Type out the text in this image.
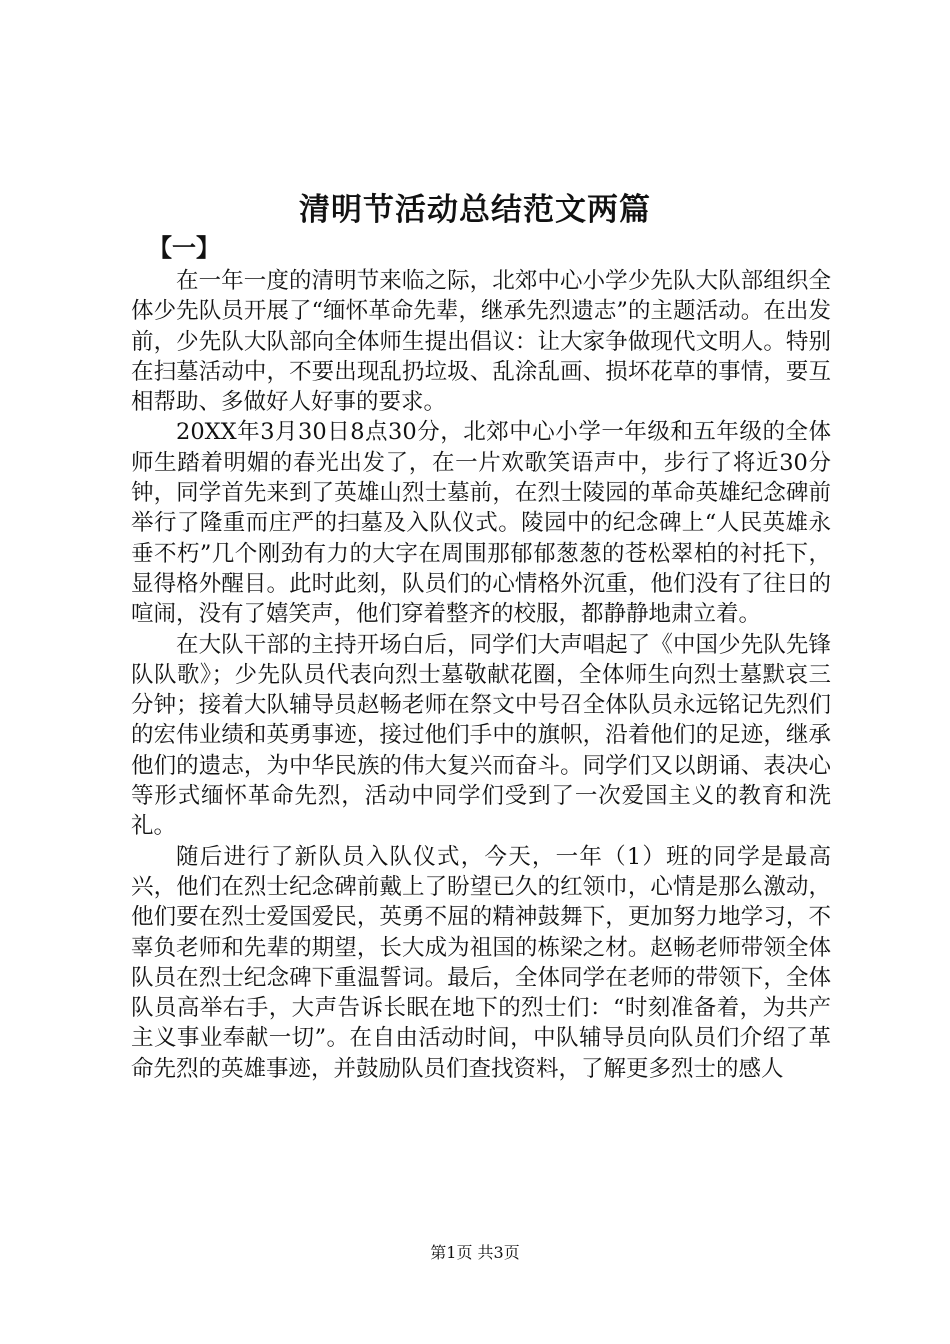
清明节活动总结范文两篇
【一】

在一年一度的清明节来临之际，北郊中心小学少先队大队部组织全体少先队员开展了“缅怀革命先辈，继承先烈遗志”的主题活动。在出发前，少先队大队部向全体师生提出倡议：让大家争做现代文明人。特别在扫墓活动中，不要出现乱扔垃圾、乱涂乱画、损坏花草的事情，要互相帮助、多做好人好事的要求。

20XX年3月30日8点30分，北郊中心小学一年级和五年级的全体师生踏着明媚的春光出发了，在一片欢歌笑语声中，步行了将近30分钟，同学首先来到了英雄山烈士墓前，在烈士陵园的革命英雄纪念碑前举行了隆重而庄严的扫墓及入队仪式。陵园中的纪念碑上“人民英雄永垂不朽”几个刚劲有力的大字在周围那郁郁葱葱的苍松翠柏的衬托下，显得格外醒目。此时此刻，队员们的心情格外沉重，他们没有了往日的喧闹，没有了嬉笑声，他们穿着整齐的校服，都静静地肃立着。

在大队干部的主持开场白后，同学们大声唱起了《中国少先队先锋队队歌》；少先队员代表向烈士墓敬献花圈，全体师生向烈士墓默哀三分钟；接着大队辅导员赵畅老师在祭文中号召全体队员永远铭记先烈们的宏伟业绩和英勇事迹，接过他们手中的旗帜，沿着他们的足迹，继承他们的遗志，为中华民族的伟大复兴而奋斗。同学们又以朗诵、表决心等形式缅怀革命先烈，活动中同学们受到了一次爱国主义的教育和洗礼。

随后进行了新队员入队仪式，今天，一年（1）班的同学是最高兴，他们在烈士纪念碑前戴上了盼望已久的红领巾，心情是那么激动，他们要在烈士爱国爱民，英勇不屈的精神鼓舞下，更加努力地学习，不辜负老师和先辈的期望，长大成为祖国的栋梁之材。赵畅老师带领全体队员在烈士纪念碑下重温誓词。最后，全体同学在老师的带领下，全体队员高举右手，大声告诉长眠在地下的烈士们：“时刻准备着，为共产主义事业奉献一切”。在自由活动时间，中队辅导员向队员们介绍了革命先烈的英雄事迹，并鼓励队员们查找资料，了解更多烈士的感人

第1页 共3页
